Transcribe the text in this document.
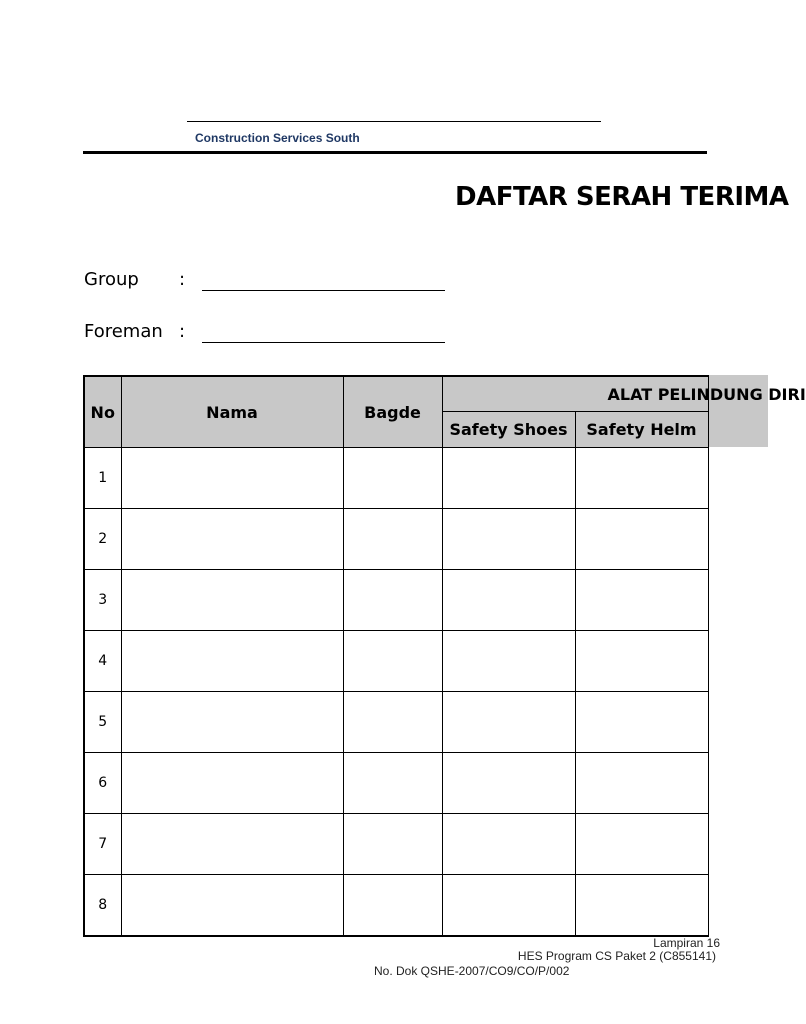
Construction Services South
DAFTAR SERAH TERIMA
Group :
Foreman :
No	Nama	Bagde	ALAT PELINDUNG DIRI	
			Safety Shoes	Safety Helm
1				
2				
3				
4				
5				
6				
7				
8				
Lampiran 16
HES Program CS Paket 2 (C855141)
No. Dok QSHE-2007/CO9/CO/P/002
